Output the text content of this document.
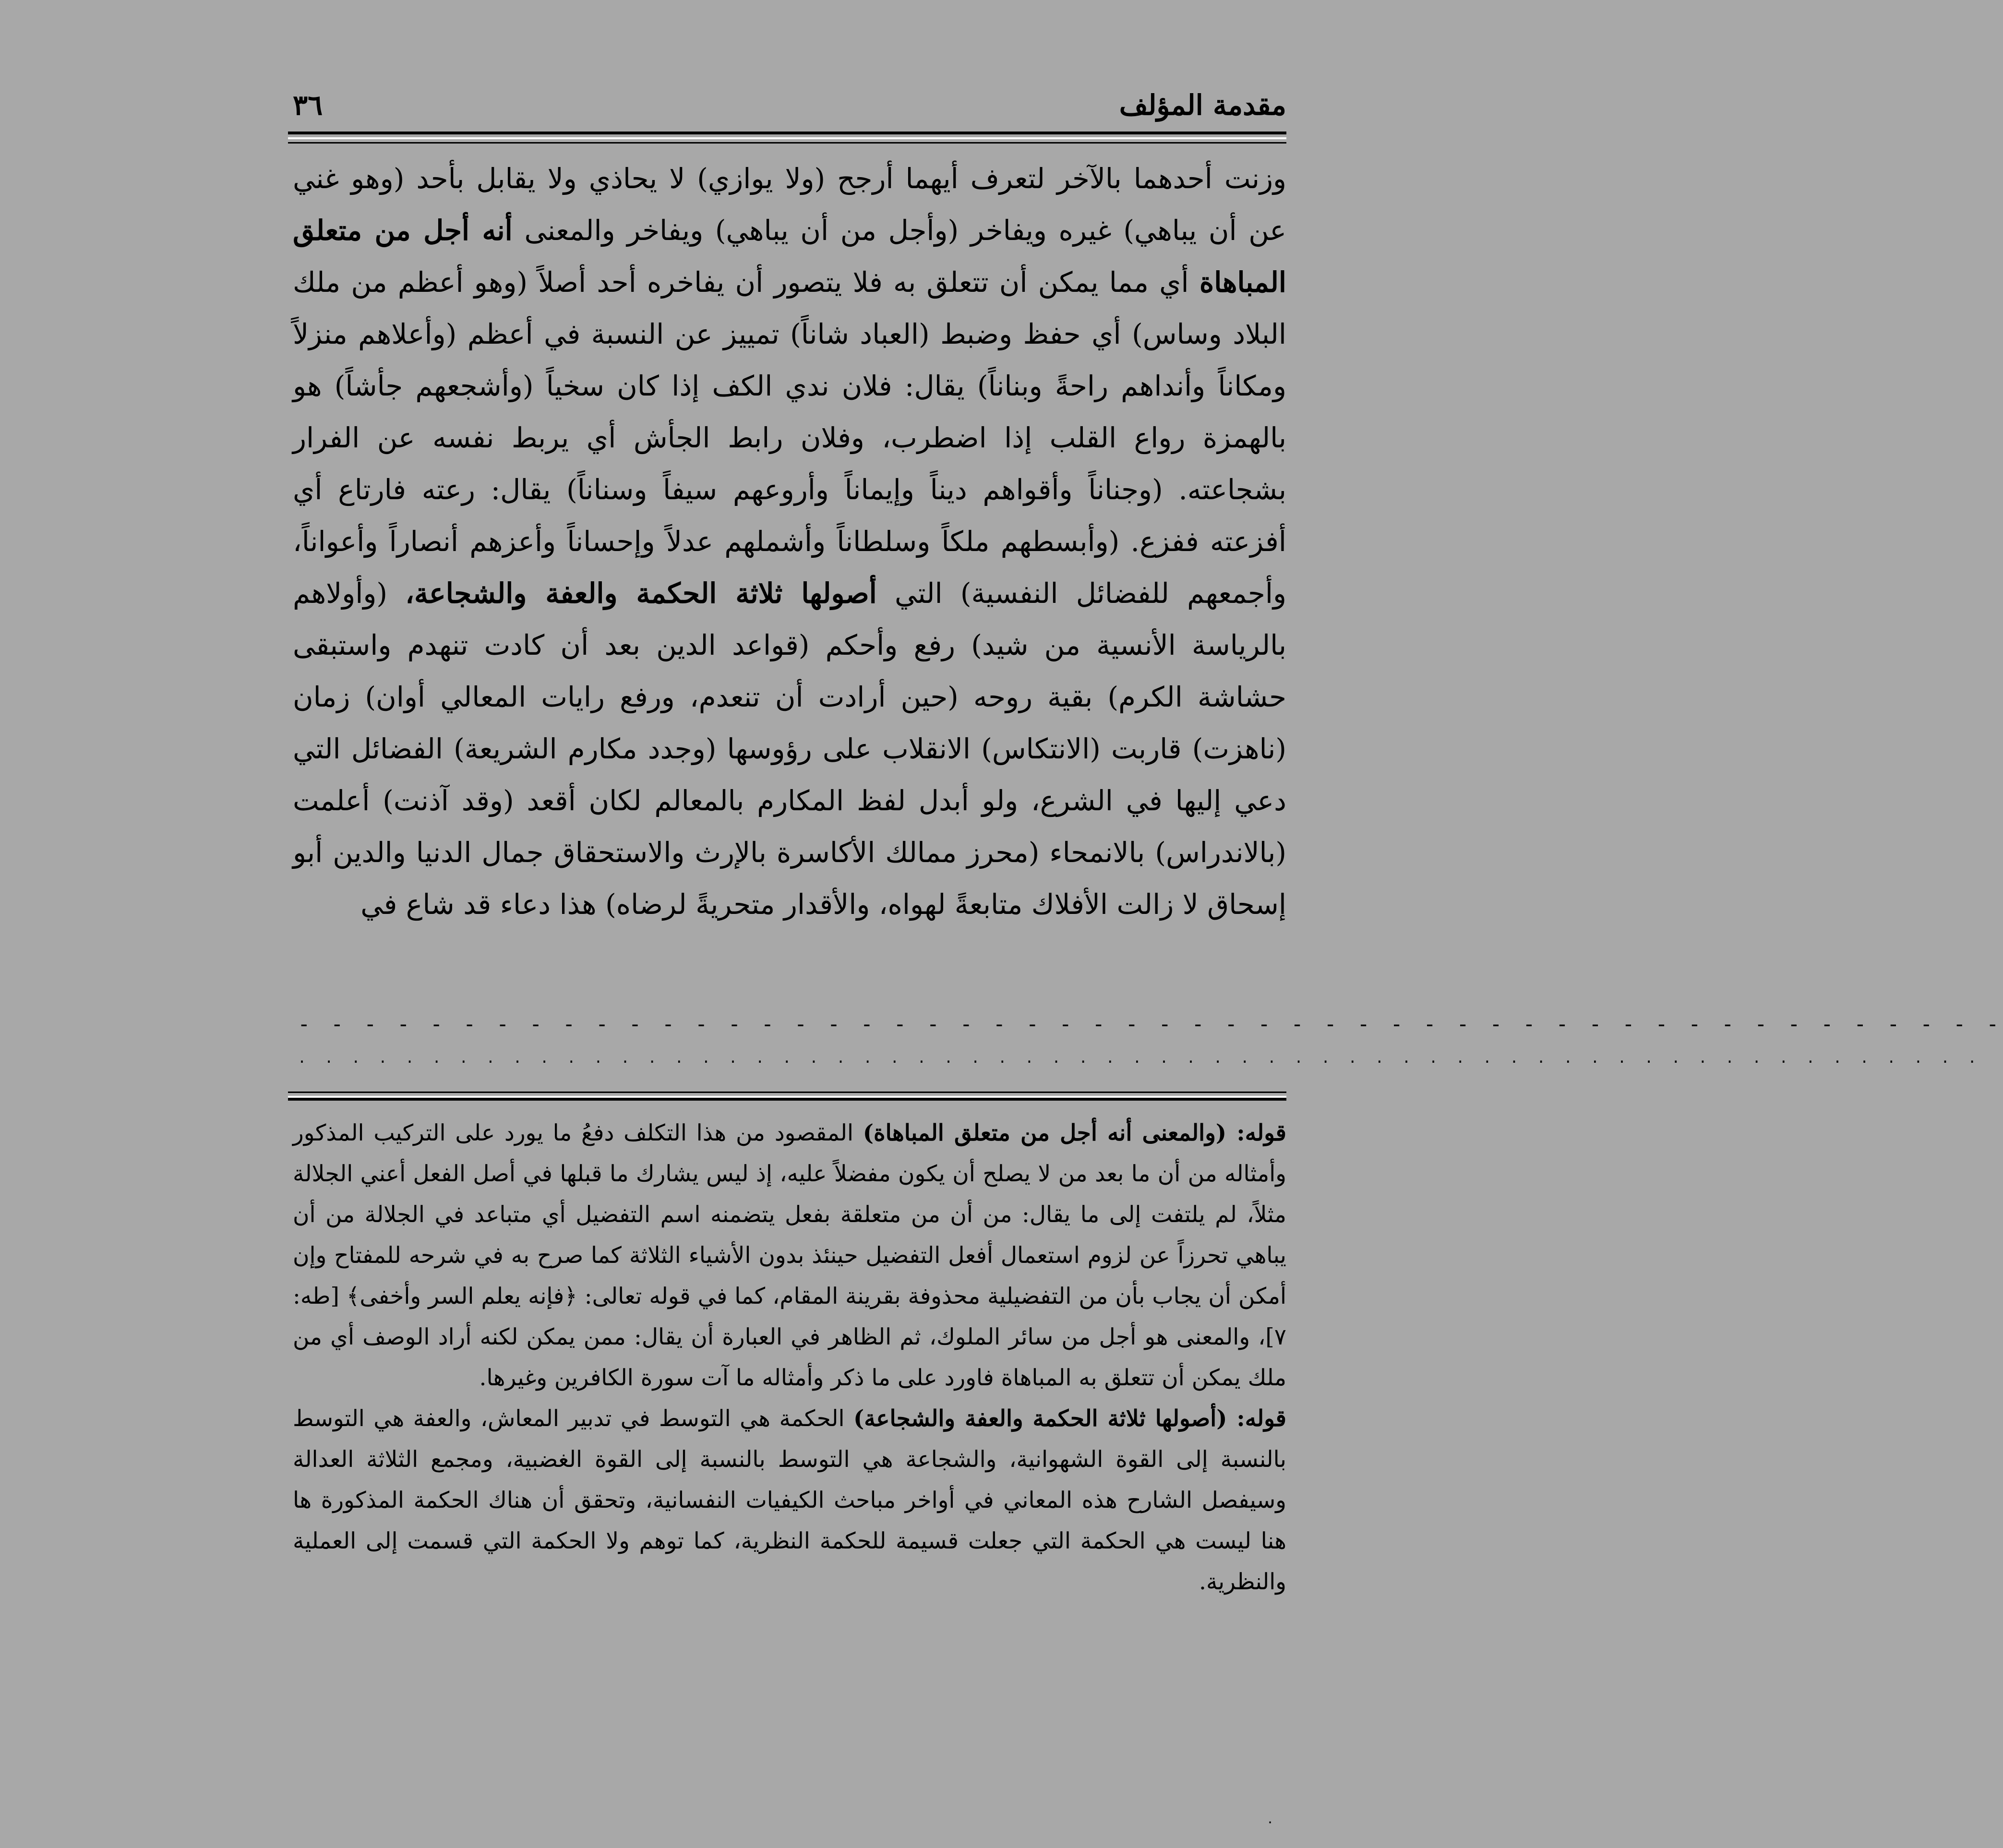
٣٦	مقدمة المؤلف

وزنت أحدهما بالآخر لتعرف أيهما أرجح (ولا يوازي) لا يحاذي ولا يقابل بأحد (وهو غني عن أن يباهي) غيره ويفاخر (وأجل من أن يباهي) ويفاخر والمعنى أنه أجل من متعلق المباهاة أي مما يمكن أن تتعلق به فلا يتصور أن يفاخره أحد أصلاً (وهو أعظم من ملك البلاد وساس) أي حفظ وضبط (العباد شاناً) تمييز عن النسبة في أعظم (وأعلاهم منزلاً ومكاناً وأنداهم راحةً وبناناً) يقال: فلان ندي الكف إذا كان سخياً (وأشجعهم جأشاً) هو بالهمزة رواع القلب إذا اضطرب، وفلان رابط الجأش أي يربط نفسه عن الفرار بشجاعته. (وجناناً وأقواهم ديناً وإيماناً وأروعهم سيفاً وسناناً) يقال: رعته فارتاع أي أفزعته ففزع. (وأبسطهم ملكاً وسلطاناً وأشملهم عدلاً وإحساناً وأعزهم أنصاراً وأعواناً، وأجمعهم للفضائل النفسية) التي أصولها ثلاثة الحكمة والعفة والشجاعة، (وأولاهم بالرياسة الأنسية من شيد) رفع وأحكم (قواعد الدين بعد أن كادت تنهدم واستبقى حشاشة الكرم) بقية روحه (حين أرادت أن تنعدم، ورفع رايات المعالي أوان) زمان (ناهزت) قاربت (الانتكاس) الانقلاب على رؤوسها (وجدد مكارم الشريعة) الفضائل التي دعي إليها في الشرع، ولو أبدل لفظ المكارم بالمعالم لكان أقعد (وقد آذنت) أعلمت (بالاندراس) بالانمحاء (محرز ممالك الأكاسرة بالإرث والاستحقاق جمال الدنيا والدين أبو إسحاق لا زالت الأفلاك متابعةً لهواه، والأقدار متحريةً لرضاه) هذا دعاء قد شاع في

- - - - - - - - - - - - - - - - - - - - - - - - - - - - - - - - - - - - - - - - - - - - - - - - - - - -
. . . . . . . . . . . . . . . . . . . . . . . . . . . . . . . . . . . . . . . . . . . . . . . . . . . . . . . . . . . . . . .

قوله: (والمعنى أنه أجل من متعلق المباهاة) المقصود من هذا التكلف دفعُ ما يورد على التركيب المذكور وأمثاله من أن ما بعد من لا يصلح أن يكون مفضلاً عليه، إذ ليس يشارك ما قبلها في أصل الفعل أعني الجلالة مثلاً، لم يلتفت إلى ما يقال: من أن من متعلقة بفعل يتضمنه اسم التفضيل أي متباعد في الجلالة من أن يباهي تحرزاً عن لزوم استعمال أفعل التفضيل حينئذ بدون الأشياء الثلاثة كما صرح به في شرحه للمفتاح وإن أمكن أن يجاب بأن من التفضيلية محذوفة بقرينة المقام، كما في قوله تعالى: ﴿فإنه يعلم السر وأخفى﴾ [طه: ٧]، والمعنى هو أجل من سائر الملوك، ثم الظاهر في العبارة أن يقال: ممن يمكن لكنه أراد الوصف أي من ملك يمكن أن تتعلق به المباهاة فاورد على ما ذكر وأمثاله ما آت سورة الكافرين وغيرها.

قوله: (أصولها ثلاثة الحكمة والعفة والشجاعة) الحكمة هي التوسط في تدبير المعاش، والعفة هي التوسط بالنسبة إلى القوة الشهوانية، والشجاعة هي التوسط بالنسبة إلى القوة الغضبية، ومجمع الثلاثة العدالة وسيفصل الشارح هذه المعاني في أواخر مباحث الكيفيات النفسانية، وتحقق أن هناك الحكمة المذكورة ها هنا ليست هي الحكمة التي جعلت قسيمة للحكمة النظرية، كما توهم ولا الحكمة التي قسمت إلى العملية والنظرية.

٠
